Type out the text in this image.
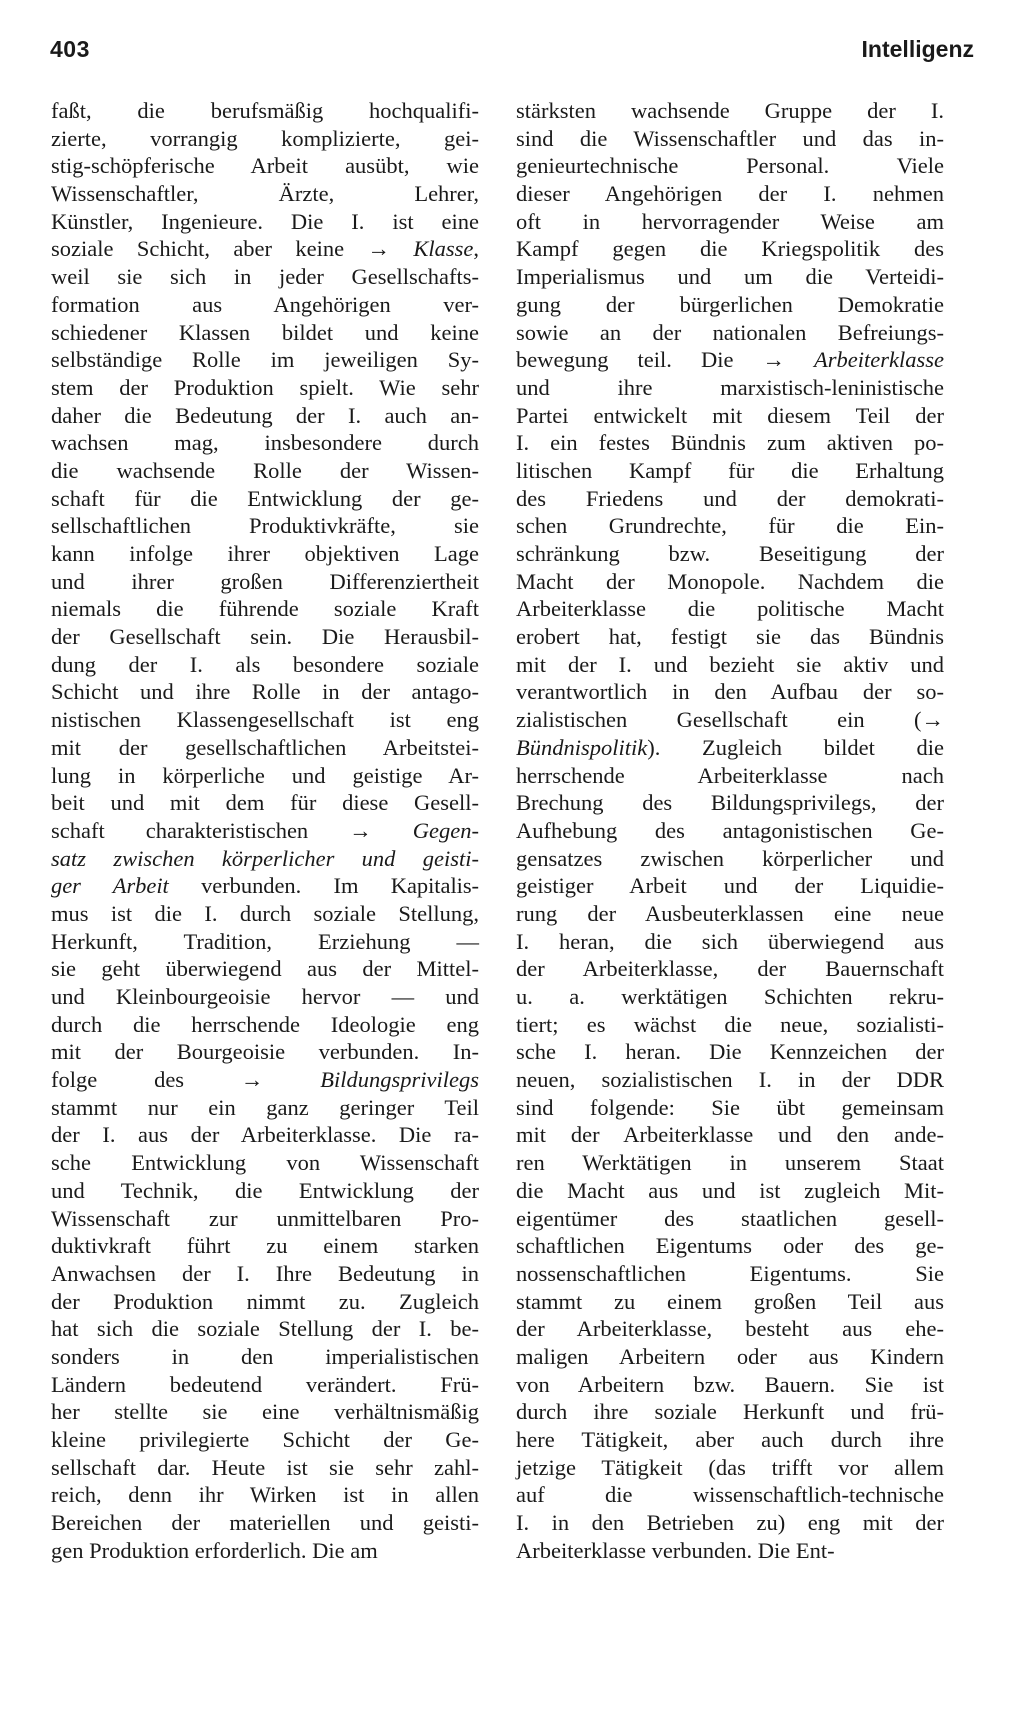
403	Intelligenz
faßt, die berufsmäßig hochqualifi-
zierte, vorrangig komplizierte, gei-
stig-schöpferische Arbeit ausübt, wie
Wissenschaftler, Ärzte, Lehrer,
Künstler, Ingenieure. Die I. ist eine
soziale Schicht, aber keine → Klasse,
weil sie sich in jeder Gesellschafts-
formation aus Angehörigen ver-
schiedener Klassen bildet und keine
selbständige Rolle im jeweiligen Sy-
stem der Produktion spielt. Wie sehr
daher die Bedeutung der I. auch an-
wachsen mag, insbesondere durch
die wachsende Rolle der Wissen-
schaft für die Entwicklung der ge-
sellschaftlichen Produktivkräfte, sie
kann infolge ihrer objektiven Lage
und ihrer großen Differenziertheit
niemals die führende soziale Kraft
der Gesellschaft sein. Die Herausbil-
dung der I. als besondere soziale
Schicht und ihre Rolle in der antago-
nistischen Klassengesellschaft ist eng
mit der gesellschaftlichen Arbeitstei-
lung in körperliche und geistige Ar-
beit und mit dem für diese Gesell-
schaft charakteristischen → Gegen-
satz zwischen körperlicher und geisti-
ger Arbeit verbunden. Im Kapitalis-
mus ist die I. durch soziale Stellung,
Herkunft, Tradition, Erziehung —
sie geht überwiegend aus der Mittel-
und Kleinbourgeoisie hervor — und
durch die herrschende Ideologie eng
mit der Bourgeoisie verbunden. In-
folge des → Bildungsprivilegs
stammt nur ein ganz geringer Teil
der I. aus der Arbeiterklasse. Die ra-
sche Entwicklung von Wissenschaft
und Technik, die Entwicklung der
Wissenschaft zur unmittelbaren Pro-
duktivkraft führt zu einem starken
Anwachsen der I. Ihre Bedeutung in
der Produktion nimmt zu. Zugleich
hat sich die soziale Stellung der I. be-
sonders in den imperialistischen
Ländern bedeutend verändert. Frü-
her stellte sie eine verhältnismäßig
kleine privilegierte Schicht der Ge-
sellschaft dar. Heute ist sie sehr zahl-
reich, denn ihr Wirken ist in allen
Bereichen der materiellen und geisti-
gen Produktion erforderlich. Die am
stärksten wachsende Gruppe der I.
sind die Wissenschaftler und das in-
genieurtechnische Personal. Viele
dieser Angehörigen der I. nehmen
oft in hervorragender Weise am
Kampf gegen die Kriegspolitik des
Imperialismus und um die Verteidi-
gung der bürgerlichen Demokratie
sowie an der nationalen Befreiungs-
bewegung teil. Die → Arbeiterklasse
und ihre marxistisch-leninistische
Partei entwickelt mit diesem Teil der
I. ein festes Bündnis zum aktiven po-
litischen Kampf für die Erhaltung
des Friedens und der demokrati-
schen Grundrechte, für die Ein-
schränkung bzw. Beseitigung der
Macht der Monopole. Nachdem die
Arbeiterklasse die politische Macht
erobert hat, festigt sie das Bündnis
mit der I. und bezieht sie aktiv und
verantwortlich in den Aufbau der so-
zialistischen Gesellschaft ein (→
Bündnispolitik). Zugleich bildet die
herrschende Arbeiterklasse nach
Brechung des Bildungsprivilegs, der
Aufhebung des antagonistischen Ge-
gensatzes zwischen körperlicher und
geistiger Arbeit und der Liquidie-
rung der Ausbeuterklassen eine neue
I. heran, die sich überwiegend aus
der Arbeiterklasse, der Bauernschaft
u. a. werktätigen Schichten rekru-
tiert; es wächst die neue, sozialisti-
sche I. heran. Die Kennzeichen der
neuen, sozialistischen I. in der DDR
sind folgende: Sie übt gemeinsam
mit der Arbeiterklasse und den ande-
ren Werktätigen in unserem Staat
die Macht aus und ist zugleich Mit-
eigentümer des staatlichen gesell-
schaftlichen Eigentums oder des ge-
nossenschaftlichen Eigentums. Sie
stammt zu einem großen Teil aus
der Arbeiterklasse, besteht aus ehe-
maligen Arbeitern oder aus Kindern
von Arbeitern bzw. Bauern. Sie ist
durch ihre soziale Herkunft und frü-
here Tätigkeit, aber auch durch ihre
jetzige Tätigkeit (das trifft vor allem
auf die wissenschaftlich-technische
I. in den Betrieben zu) eng mit der
Arbeiterklasse verbunden. Die Ent-
